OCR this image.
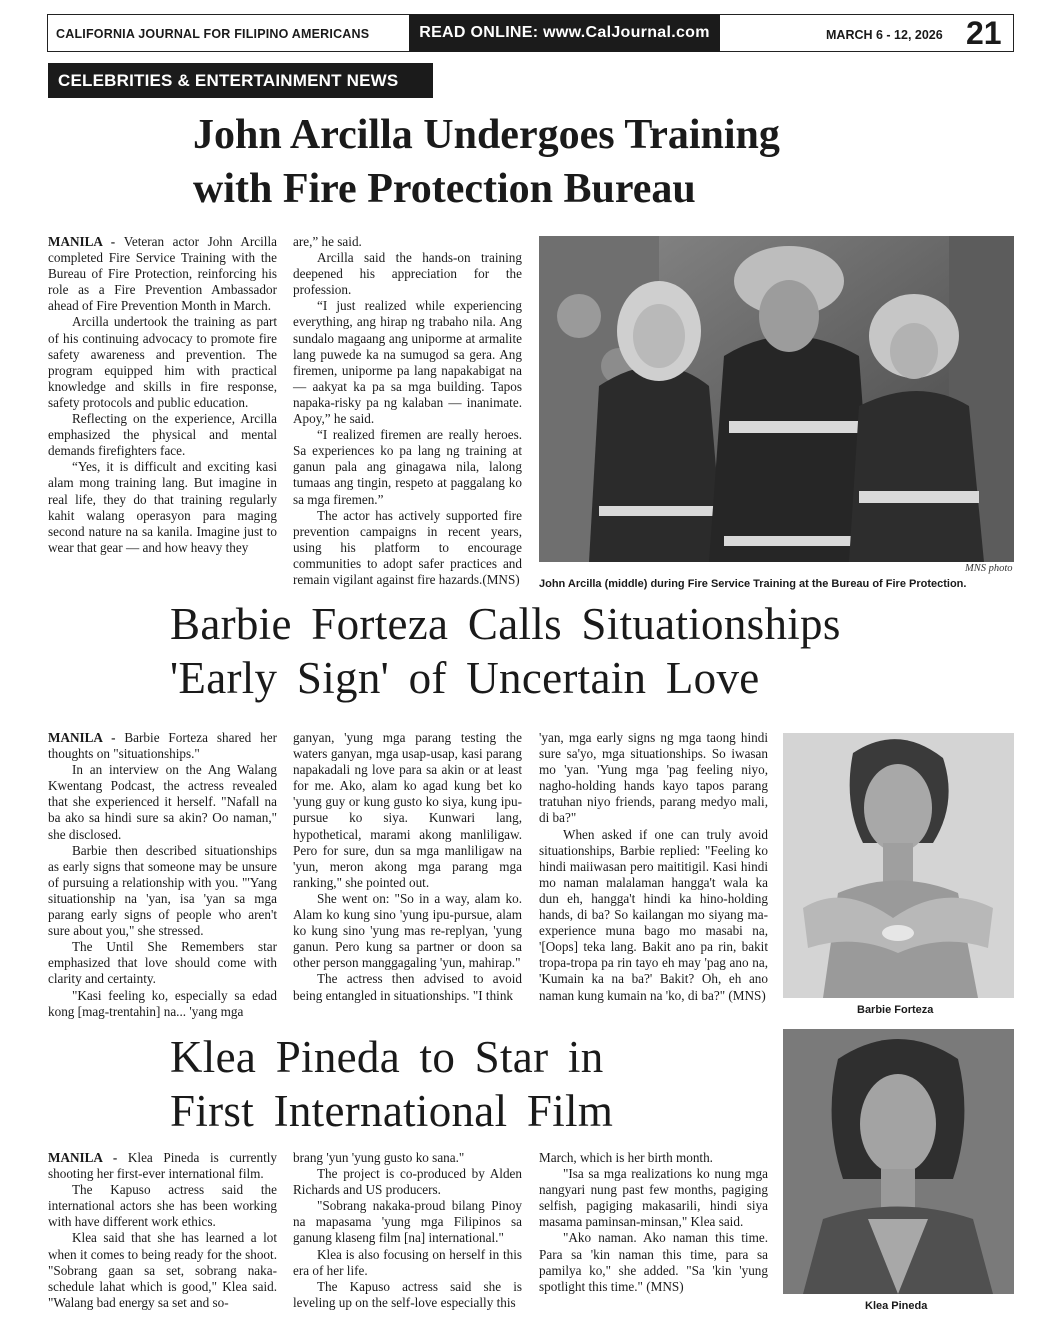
CALIFORNIA JOURNAL FOR FILIPINO AMERICANS	READ ONLINE: www.CalJournal.com	MARCH 6 - 12, 2026 21
CELEBRITIES & ENTERTAINMENT NEWS
John Arcilla Undergoes Training
with Fire Protection Bureau

MANILA - Veteran actor John Arcilla completed Fire Service Training with the Bureau of Fire Protection, reinforcing his role as a Fire Prevention Ambassador ahead of Fire Prevention Month in March.

Arcilla undertook the training as part of his continuing advocacy to promote fire safety awareness and prevention. The program equipped him with practical knowledge and skills in fire response, safety protocols and public education.

Reflecting on the experience, Arcilla emphasized the physical and mental demands firefighters face.

“Yes, it is difficult and exciting kasi alam mong training lang. But imagine in real life, they do that training regularly kahit walang operasyon para maging second nature na sa kanila. Imagine just to wear that gear — and how heavy they

are,” he said.

Arcilla said the hands-on training deepened his appreciation for the profession.

“I just realized while experiencing everything, ang hirap ng trabaho nila. Ang sundalo magaang ang uniporme at armalite lang puwede ka na sumugod sa gera. Ang firemen, uniporme pa lang napakabigat na — aakyat ka pa sa mga building. Tapos napaka-risky pa ng kalaban — inanimate. Apoy,” he said.

“I realized firemen are really heroes. Sa experiences ko pa lang ng training at ganun pala ang ginagawa nila, lalong tumaas ang tingin, respeto at paggalang ko sa mga firemen.”

The actor has actively supported fire prevention campaigns in recent years, using his platform to encourage communities to adopt safer practices and remain vigilant against fire hazards.(MNS)

MNS photo
John Arcilla (middle) during Fire Service Training at the Bureau of Fire Protection.
Barbie Forteza Calls Situationships
'Early Sign' of Uncertain Love

MANILA - Barbie Forteza shared her thoughts on "situationships."

In an interview on the Ang Walang Kwentang Podcast, the actress revealed that she experienced it herself. "Nafall na ba ako sa hindi sure sa akin? Oo naman," she disclosed.

Barbie then described situationships as early signs that someone may be unsure of pursuing a relationship with you. "'Yang situationship na 'yan, isa 'yan sa mga parang early signs of people who aren't sure about you," she stressed.

The Until She Remembers star emphasized that love should come with clarity and certainty.

"Kasi feeling ko, especially sa edad kong [mag-trentahin] na... 'yang mga

ganyan, 'yung mga parang testing the waters ganyan, mga usap-usap, kasi parang napakadali ng love para sa akin or at least for me. Ako, alam ko agad kung bet ko 'yung guy or kung gusto ko siya, kung ipu-pursue ko siya. Kunwari lang, hypothetical, marami akong manliligaw. Pero for sure, dun sa mga manliligaw na 'yun, meron akong mga parang mga ranking," she pointed out.

She went on: "So in a way, alam ko. Alam ko kung sino 'yung ipu-pursue, alam ko kung sino 'yung mas re-replyan, 'yung ganun. Pero kung sa partner or doon sa other person manggagaling 'yun, mahirap."

The actress then advised to avoid being entangled in situationships. "I think

'yan, mga early signs ng mga taong hindi sure sa'yo, mga situationships. So iwasan mo 'yan. 'Yung mga 'pag feeling niyo, nagho-holding hands kayo tapos parang tratuhan niyo friends, parang medyo mali, di ba?"

When asked if one can truly avoid situationships, Barbie replied: "Feeling ko hindi maiiwasan pero maititigil. Kasi hindi mo naman malalaman hangga't wala ka dun eh, hangga't hindi ka hino-holding hands, di ba? So kailangan mo siyang ma-experience muna bago mo masabi na, '[Oops] teka lang. Bakit ano pa rin, bakit tropa-tropa pa rin tayo eh may 'pag ano na, 'Kumain ka na ba?' Bakit? Oh, eh ano naman kung kumain na 'ko, di ba?" (MNS)

Barbie Forteza
Klea Pineda to Star in
First International Film

MANILA - Klea Pineda is currently shooting her first-ever international film.

The Kapuso actress said the international actors she has been working with have different work ethics.

Klea said that she has learned a lot when it comes to being ready for the shoot. "Sobrang gaan sa set, sobrang naka-schedule lahat which is good," Klea said. "Walang bad energy sa set and so-

brang 'yun 'yung gusto ko sana."

The project is co-produced by Alden Richards and US producers.

"Sobrang nakaka-proud bilang Pinoy na mapasama 'yung mga Filipinos sa ganung klaseng film [na] international."

Klea is also focusing on herself in this era of her life.

The Kapuso actress said she is leveling up on the self-love especially this

March, which is her birth month.

"Isa sa mga realizations ko nung mga nangyari nung past few months, pagiging selfish, pagiging makasarili, hindi siya masama paminsan-minsan," Klea said.

"Ako naman. Ako naman this time. Para sa 'kin naman this time, para sa pamilya ko," she added. "Sa 'kin 'yung spotlight this time." (MNS)

Klea Pineda
